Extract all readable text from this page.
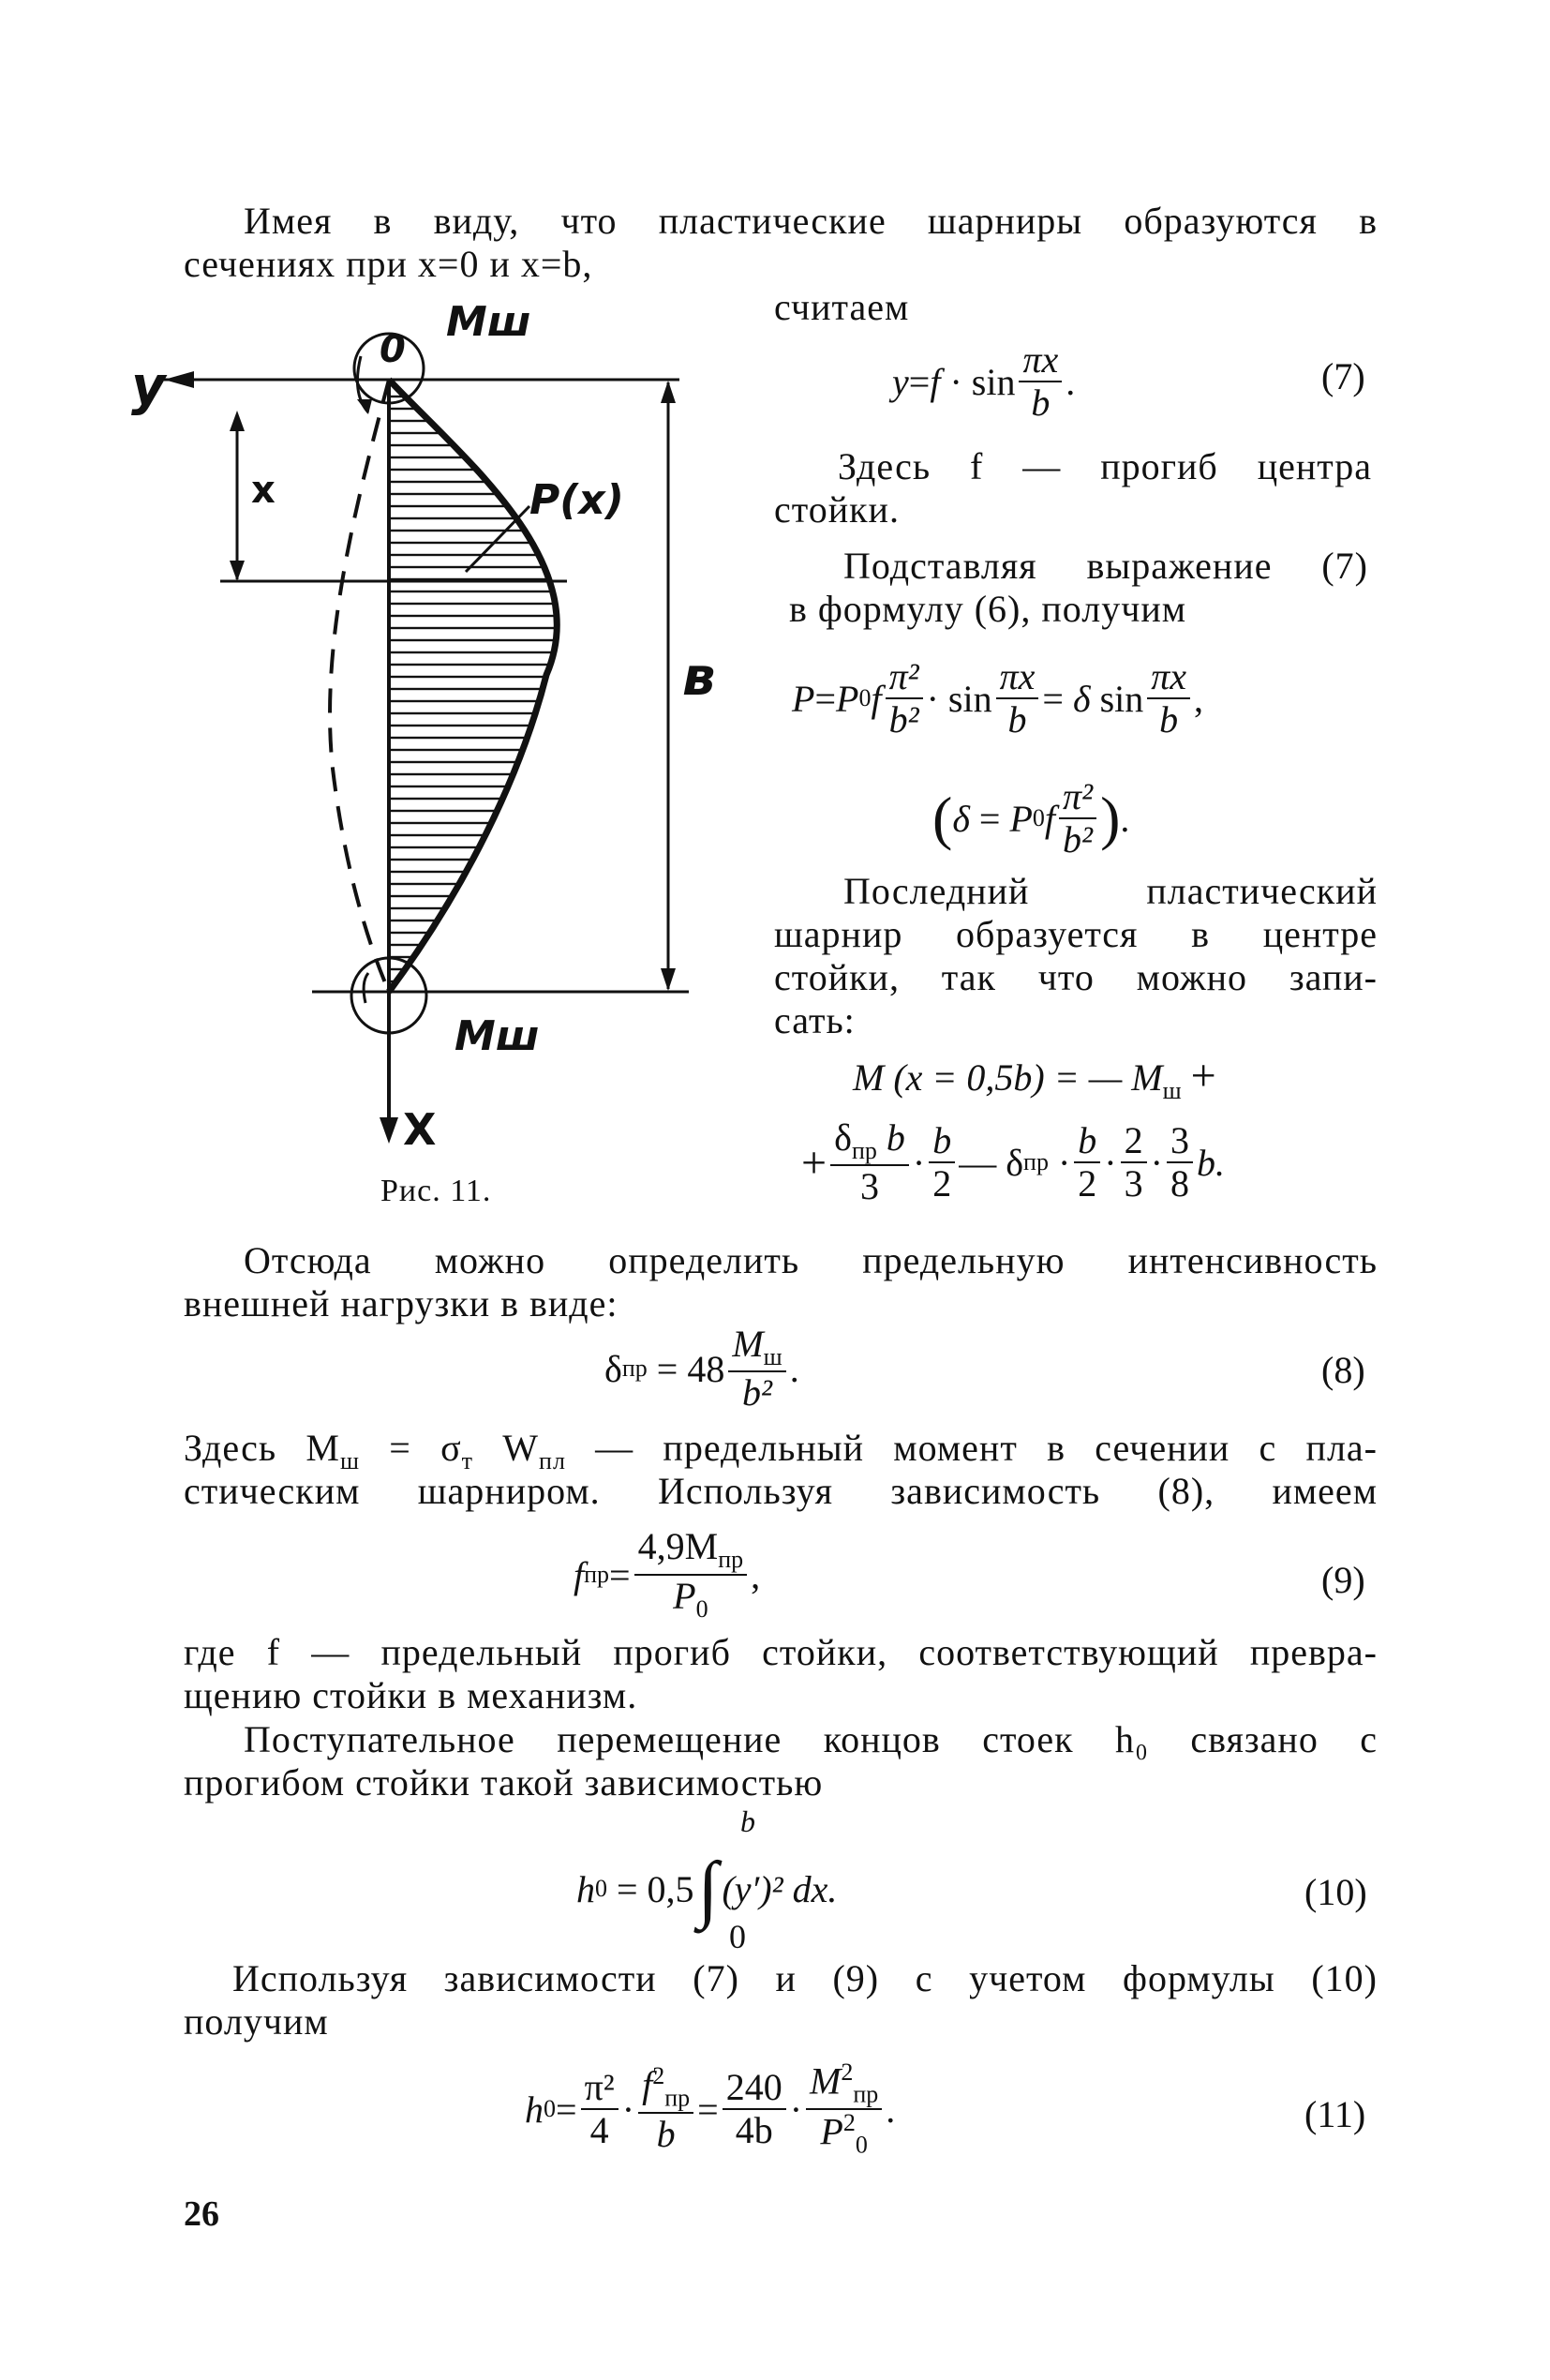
Имея в виду, что пластические шарниры образуются в
сечениях при x=0 и x=b,
считаем
y
0
Mш
x	P(x)
в
Mш
X
Рис. 11.
y = f
·
$\sin \frac{\pi x}{b}$ .	(7)
Здесь f — прогиб центра
стойки.
Подставляя выражение (7)
в формулу (6), получим
P = P 0 f $\frac{\text{π²}}{\text{b²}}$ ·
$\sin \frac{\pi x}{b}$ =
δ
$\sin \frac{\pi x}{b}$ ,
( δ
=
P 0 f $\frac{\text{π²}}{\text{b²}}$ ) .
Последний пластический
шарнир образуется в центре
стойки, так что можно запи-
сать:
M (x = 0,5b) = — $M_ш$ +
+ $\frac{\delta_{пр} b}{3} \cdot \frac{b}{2}$ —
δ пр
· $\frac{b}{2} \cdot \frac{2}{3} \cdot \frac{3}{8} b$.
Отсюда можно определить предельную интенсивность
внешней нагрузки в виде:
δ пр
= $48 \frac{M_ш}{\text{b²}}$ .	(8)
Здесь $M_ш = \sigma_т$ $W_{пл}$ — предельный момент в сечении с пла-
стическим шарниром. Используя зависимость (8), имеем
f пр = $\frac{4,9M_{пр}}{P_0}$ ,	(9)
где f — предельный прогиб стойки, соответствующий превра-
щению стойки в механизм.
Поступательное перемещение концов стоек h₀ связано с
прогибом стойки такой зависимостью
b
h 0
= 0,5 ∫ (y′)² dx.
0
(10)
Используя зависимости (7) и (9) с учетом формулы (10)
получим
h $0 = \frac{\text{π²}}{4} \cdot \frac{f^2_{пр}}{b} = \frac{240}{4b} \cdot \frac{M^2_{пр}}{P^2_0}$ .	(11)
26
